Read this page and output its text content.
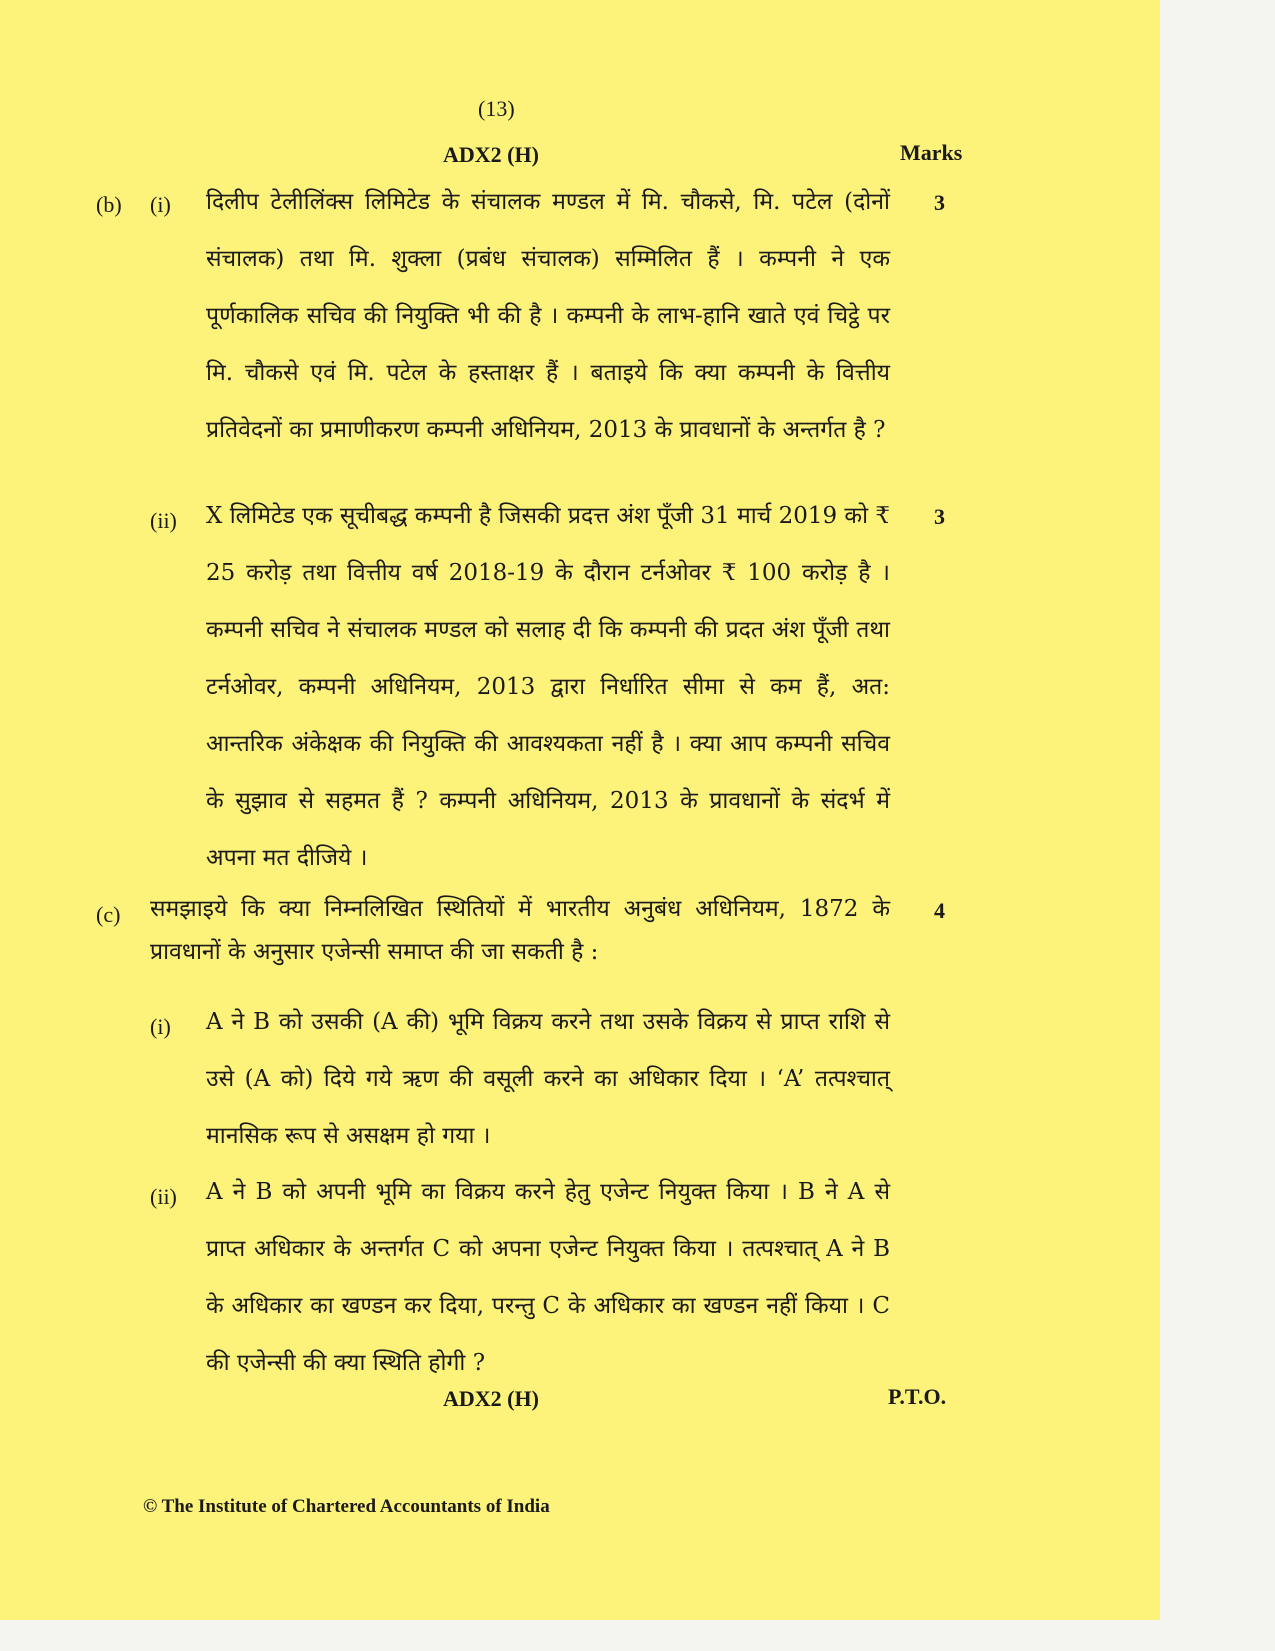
(13)
ADX2 (H)	Marks
(b) (i) दिलीप टेलीलिंक्स लिमिटेड के संचालक मण्डल में मि. चौकसे, मि. पटेल (दोनों संचालक) तथा मि. शुक्ला (प्रबंध संचालक) सम्मिलित हैं । कम्पनी ने एक पूर्णकालिक सचिव की नियुक्ति भी की है । कम्पनी के लाभ-हानि खाते एवं चिट्ठे पर मि. चौकसे एवं मि. पटेल के हस्ताक्षर हैं । बताइये कि क्या कम्पनी के वित्तीय प्रतिवेदनों का प्रमाणीकरण कम्पनी अधिनियम, 2013 के प्रावधानों के अन्तर्गत है ?
3
(ii) X लिमिटेड एक सूचीबद्ध कम्पनी है जिसकी प्रदत्त अंश पूँजी 31 मार्च 2019 को ₹ 25 करोड़ तथा वित्तीय वर्ष 2018-19 के दौरान टर्नओवर ₹ 100 करोड़ है । कम्पनी सचिव ने संचालक मण्डल को सलाह दी कि कम्पनी की प्रदत अंश पूँजी तथा टर्नओवर, कम्पनी अधिनियम, 2013 द्वारा निर्धारित सीमा से कम हैं, अत: आन्तरिक अंकेक्षक की नियुक्ति की आवश्यकता नहीं है । क्या आप कम्पनी सचिव के सुझाव से सहमत हैं ? कम्पनी अधिनियम, 2013 के प्रावधानों के संदर्भ में अपना मत दीजिये ।
3
(c) समझाइये कि क्या निम्नलिखित स्थितियों में भारतीय अनुबंध अधिनियम, 1872 के प्रावधानों के अनुसार एजेन्सी समाप्त की जा सकती है :
4
(i) A ने B को उसकी (A की) भूमि विक्रय करने तथा उसके विक्रय से प्राप्त राशि से उसे (A को) दिये गये ऋण की वसूली करने का अधिकार दिया । ‘A’ तत्पश्चात् मानसिक रूप से असक्षम हो गया ।
(ii) A ने B को अपनी भूमि का विक्रय करने हेतु एजेन्ट नियुक्त किया । B ने A से प्राप्त अधिकार के अन्तर्गत C को अपना एजेन्ट नियुक्त किया । तत्पश्चात् A ने B के अधिकार का खण्डन कर दिया, परन्तु C के अधिकार का खण्डन नहीं किया । C की एजेन्सी की क्या स्थिति होगी ?
ADX2 (H)	P.T.O.
© The Institute of Chartered Accountants of India
